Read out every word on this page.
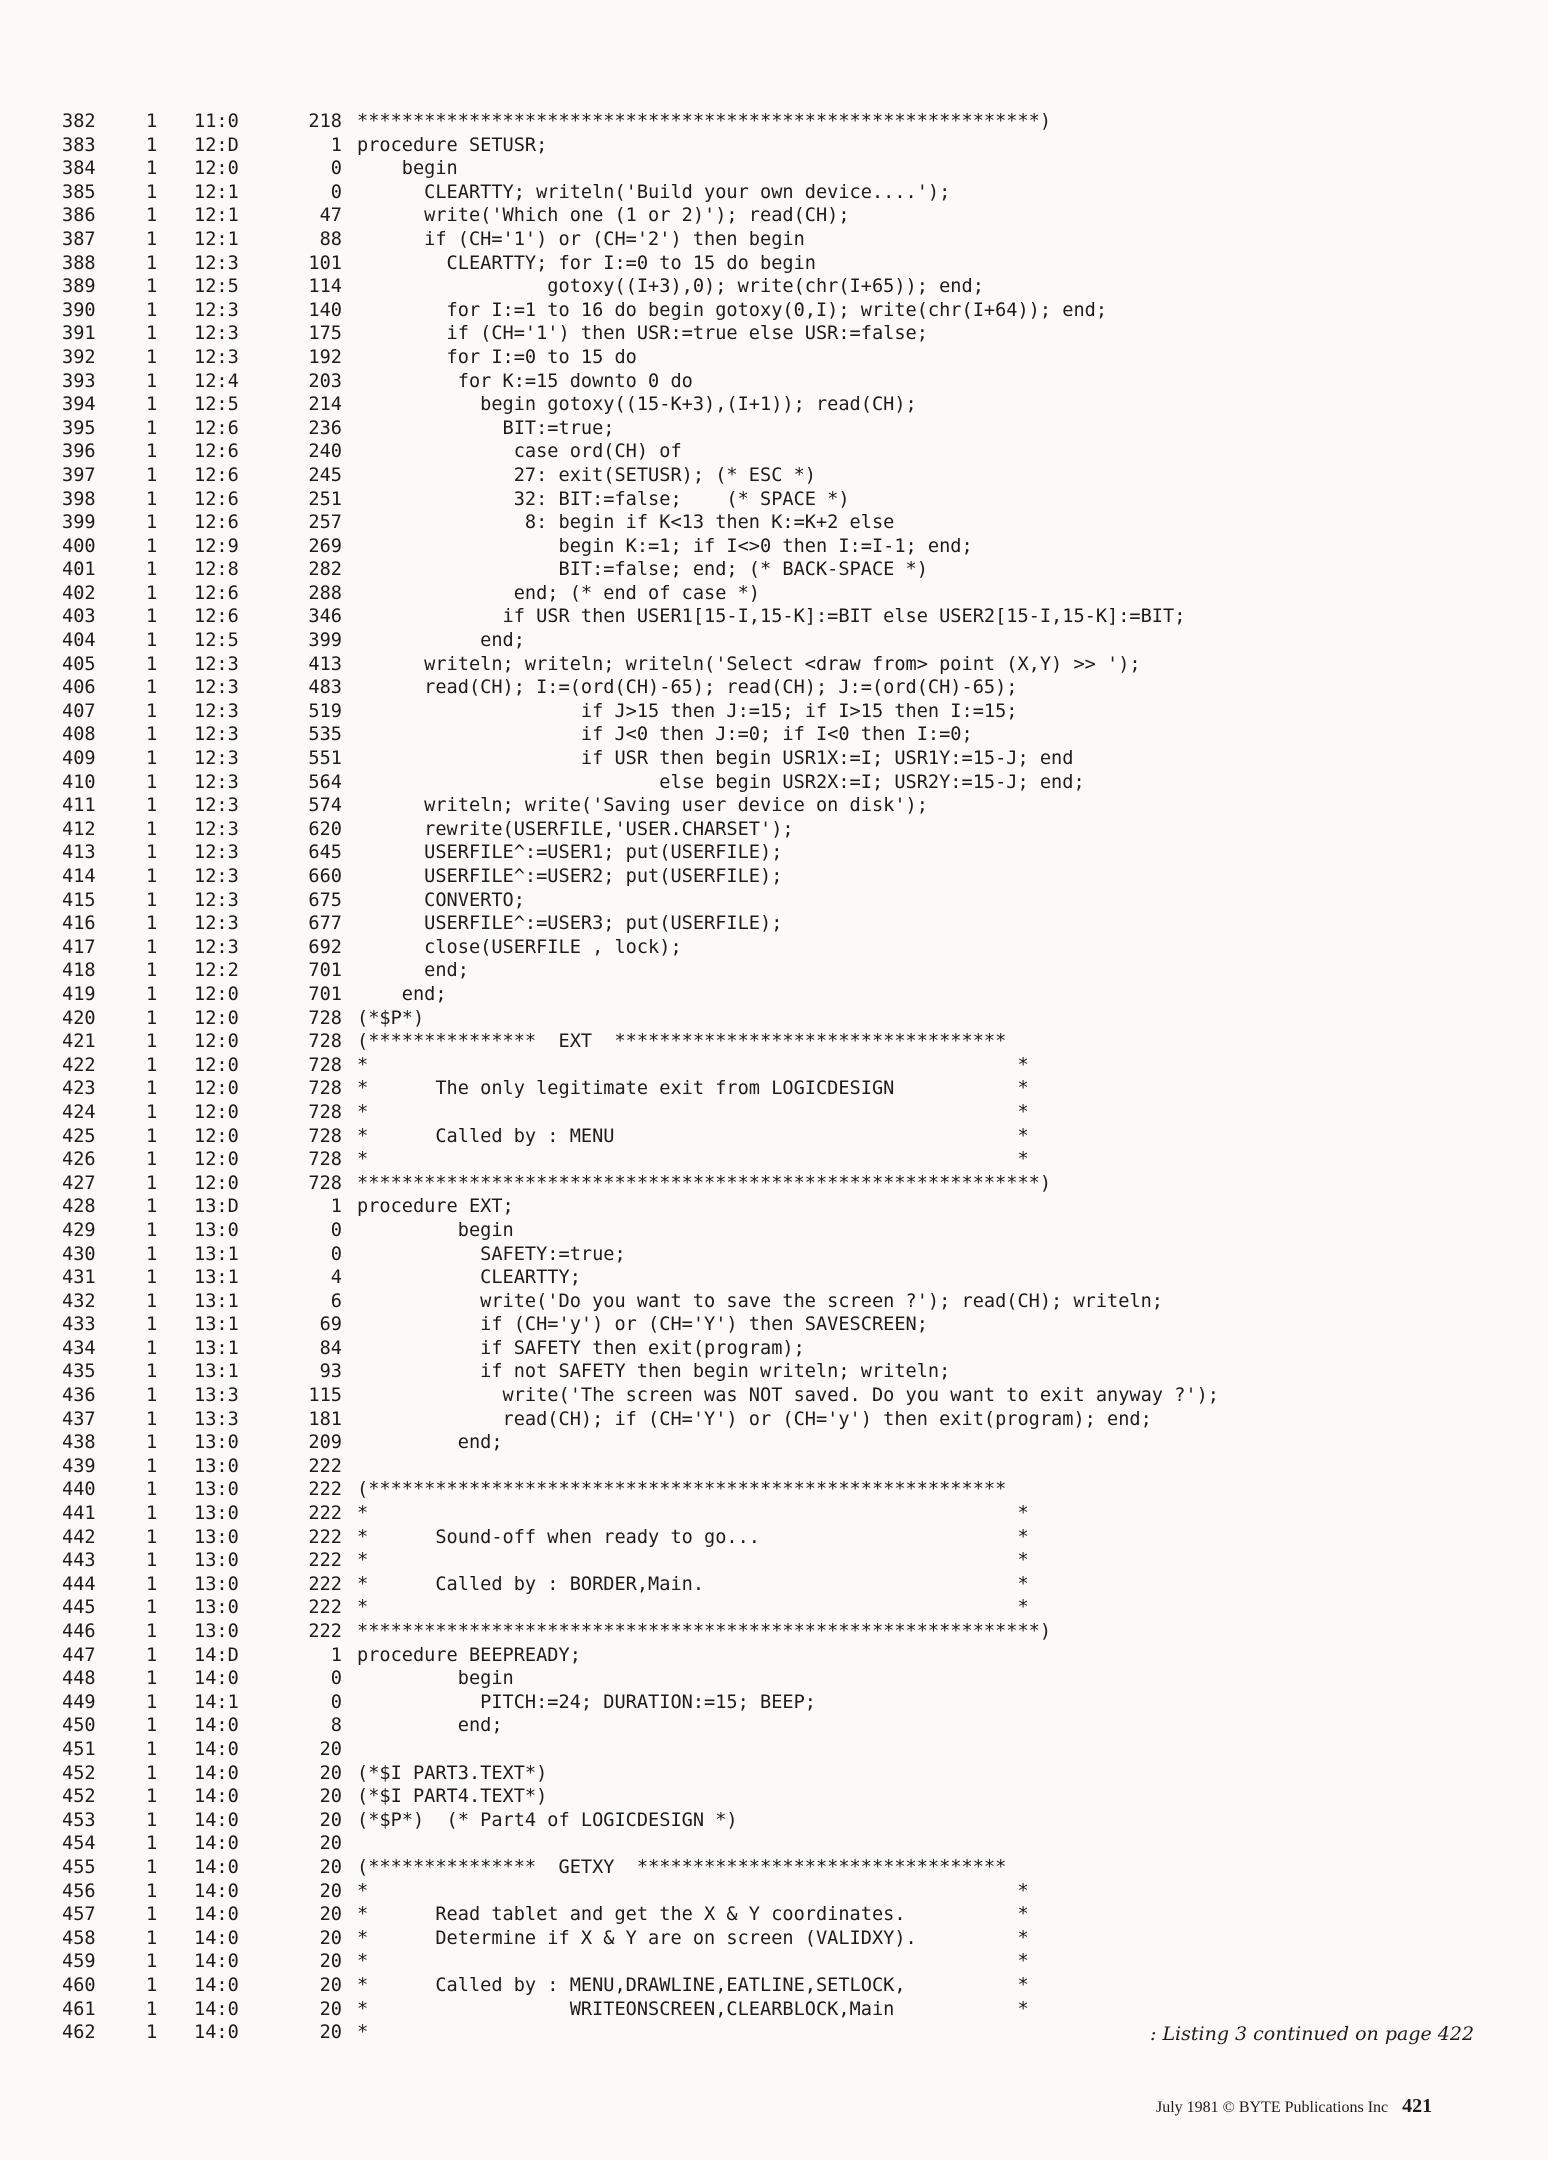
382	1 11:0	218 *************************************************************)
383	1 12:D	1 procedure SETUSR;
384	1 12:0	0 begin
385	1 12:1	0 CLEARTTY; writeln('Build your own device....');
386	1 12:1	47 write('Which one (1 or 2)'); read(CH);
387	1 12:1	88 if (CH='1') or (CH='2') then begin
388	1 12:3	101 CLEARTTY; for I:=0 to 15 do begin
389	1 12:5	114 gotoxy((I+3),0); write(chr(I+65)); end;
390	1 12:3	140 for I:=1 to 16 do begin gotoxy(0,I); write(chr(I+64)); end;
391	1 12:3	175 if (CH='1') then USR:=true else USR:=false;
392	1 12:3	192 for I:=0 to 15 do
393	1 12:4	203 for K:=15 downto 0 do
394	1 12:5	214 begin gotoxy((15-K+3),(I+1)); read(CH);
395	1 12:6	236 BIT:=true;
396	1 12:6	240 case ord(CH) of
397	1 12:6	245 27: exit(SETUSR); (* ESC *)
398	1 12:6	251 32: BIT:=false;    (* SPACE *)
399	1 12:6	257 8: begin if K<13 then K:=K+2 else
400	1 12:9	269 begin K:=1; if I<>0 then I:=I-1; end;
401	1 12:8	282 BIT:=false; end; (* BACK-SPACE *)
402	1 12:6	288 end; (* end of case *)
403	1 12:6	346 if USR then USER1[15-I,15-K]:=BIT else USER2[15-I,15-K]:=BIT;
404	1 12:5	399 end;
405	1 12:3	413 writeln; writeln; writeln('Select <draw from> point (X,Y) >> ');
406	1 12:3	483 read(CH); I:=(ord(CH)-65); read(CH); J:=(ord(CH)-65);
407	1 12:3	519 if J>15 then J:=15; if I>15 then I:=15;
408	1 12:3	535 if J<0 then J:=0; if I<0 then I:=0;
409	1 12:3	551 if USR then begin USR1X:=I; USR1Y:=15-J; end
410	1 12:3	564 else begin USR2X:=I; USR2Y:=15-J; end;
411	1 12:3	574 writeln; write('Saving user device on disk');
412	1 12:3	620 rewrite(USERFILE,'USER.CHARSET');
413	1 12:3	645 USERFILE^:=USER1; put(USERFILE);
414	1 12:3	660 USERFILE^:=USER2; put(USERFILE);
415	1 12:3	675 CONVERTO;
416	1 12:3	677 USERFILE^:=USER3; put(USERFILE);
417	1 12:3	692 close(USERFILE , lock);
418	1 12:2	701 end;
419	1 12:0	701 end;
420	1 12:0	728 (*$P*)
421	1 12:0	728 (***************  EXT  ***********************************
422	1 12:0	728 *                                                          *
423	1 12:0	728 *      The only legitimate exit from LOGICDESIGN           *
424	1 12:0	728 *                                                          *
425	1 12:0	728 *      Called by : MENU                                    *
426	1 12:0	728 *                                                          *
427	1 12:0	728 *************************************************************)
428	1 13:D	1 procedure EXT;
429	1 13:0	0 begin
430	1 13:1	0 SAFETY:=true;
431	1 13:1	4 CLEARTTY;
432	1 13:1	6 write('Do you want to save the screen ?'); read(CH); writeln;
433	1 13:1	69 if (CH='y') or (CH='Y') then SAVESCREEN;
434	1 13:1	84 if SAFETY then exit(program);
435	1 13:1	93 if not SAFETY then begin writeln; writeln;
436	1 13:3	115 write('The screen was NOT saved. Do you want to exit anyway ?');
437	1 13:3	181 read(CH); if (CH='Y') or (CH='y') then exit(program); end;
438	1 13:0	209 end;
439	1 13:0	222
440	1 13:0	222 (*********************************************************
441	1 13:0	222 *                                                          *
442	1 13:0	222 *      Sound-off when ready to go...                       *
443	1 13:0	222 *                                                          *
444	1 13:0	222 *      Called by : BORDER,Main.                            *
445	1 13:0	222 *                                                          *
446	1 13:0	222 *************************************************************)
447	1 14:D	1 procedure BEEPREADY;
448	1 14:0	0 begin
449	1 14:1	0 PITCH:=24; DURATION:=15; BEEP;
450	1 14:0	8 end;
451	1 14:0	20
452	1 14:0	20 (*$I PART3.TEXT*)
452	1 14:0	20 (*$I PART4.TEXT*)
453	1 14:0	20 (*$P*)  (* Part4 of LOGICDESIGN *)
454	1 14:0	20
455	1 14:0	20 (***************  GETXY  *********************************
456	1 14:0	20 *                                                          *
457	1 14:0	20 *      Read tablet and get the X & Y coordinates.          *
458	1 14:0	20 *      Determine if X & Y are on screen (VALIDXY).         *
459	1 14:0	20 *                                                          *
460	1 14:0	20 *      Called by : MENU,DRAWLINE,EATLINE,SETLOCK,          *
461	1 14:0	20 *                  WRITEONSCREEN,CLEARBLOCK,Main           *
462	1 14:0	20 *	: Listing 3 continued on page 422
July 1981 © BYTE Publications Inc 421
